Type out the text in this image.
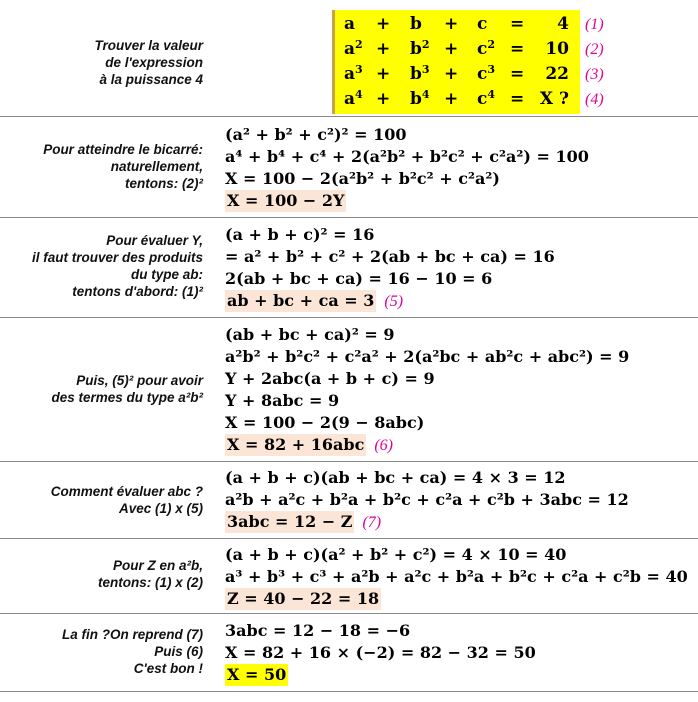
Trouver la valeur
de l'expression
à la puissance 4
a + b + c = 4 (1)
$a^2 + b^2 + c^2 = 10$ (2)
$a^3 + b^3 + c^3 = 22$ (3)
$a^4 + b^4 + c^4 = X$ ? (4)
Pour atteindre le bicarré:
naturellement,
tentons: (2)²
(a² + b² + c²)² = 100
a⁴ + b⁴ + c⁴ + 2(a²b² + b²c² + c²a²) = 100
X = 100 − 2(a²b² + b²c² + c²a²)
X = 100 − 2Y
Pour évaluer Y,
il faut trouver des produits
du type ab:
tentons d'abord: (1)²
(a + b + c)² = 16
= a² + b² + c² + 2(ab + bc + ca) = 16
2(ab + bc + ca) = 16 − 10 = 6
ab + bc + ca = 3 (5)
Puis, (5)² pour avoir
des termes du type a²b²
(ab + bc + ca)² = 9
a²b² + b²c² + c²a² + 2(a²bc + ab²c + abc²) = 9
Y + 2abc(a + b + c) = 9
Y + 8abc = 9
X = 100 − 2(9 − 8abc)
X = 82 + 16abc (6)
Comment évaluer abc ?
Avec (1) x (5)
(a + b + c)(ab + bc + ca) = 4 × 3 = 12
a²b + a²c + b²a + b²c + c²a + c²b + 3abc = 12
3abc = 12 − Z (7)
Pour Z en a²b,
tentons: (1) x (2)
(a + b + c)(a² + b² + c²) = 4 × 10 = 40
a³ + b³ + c³ + a²b + a²c + b²a + b²c + c²a + c²b = 40
Z = 40 − 22 = 18
La fin ?On reprend (7)
Puis (6)
C'est bon !
3abc = 12 − 18 = −6
X = 82 + 16 × (−2) = 82 − 32 = 50
X = 50
